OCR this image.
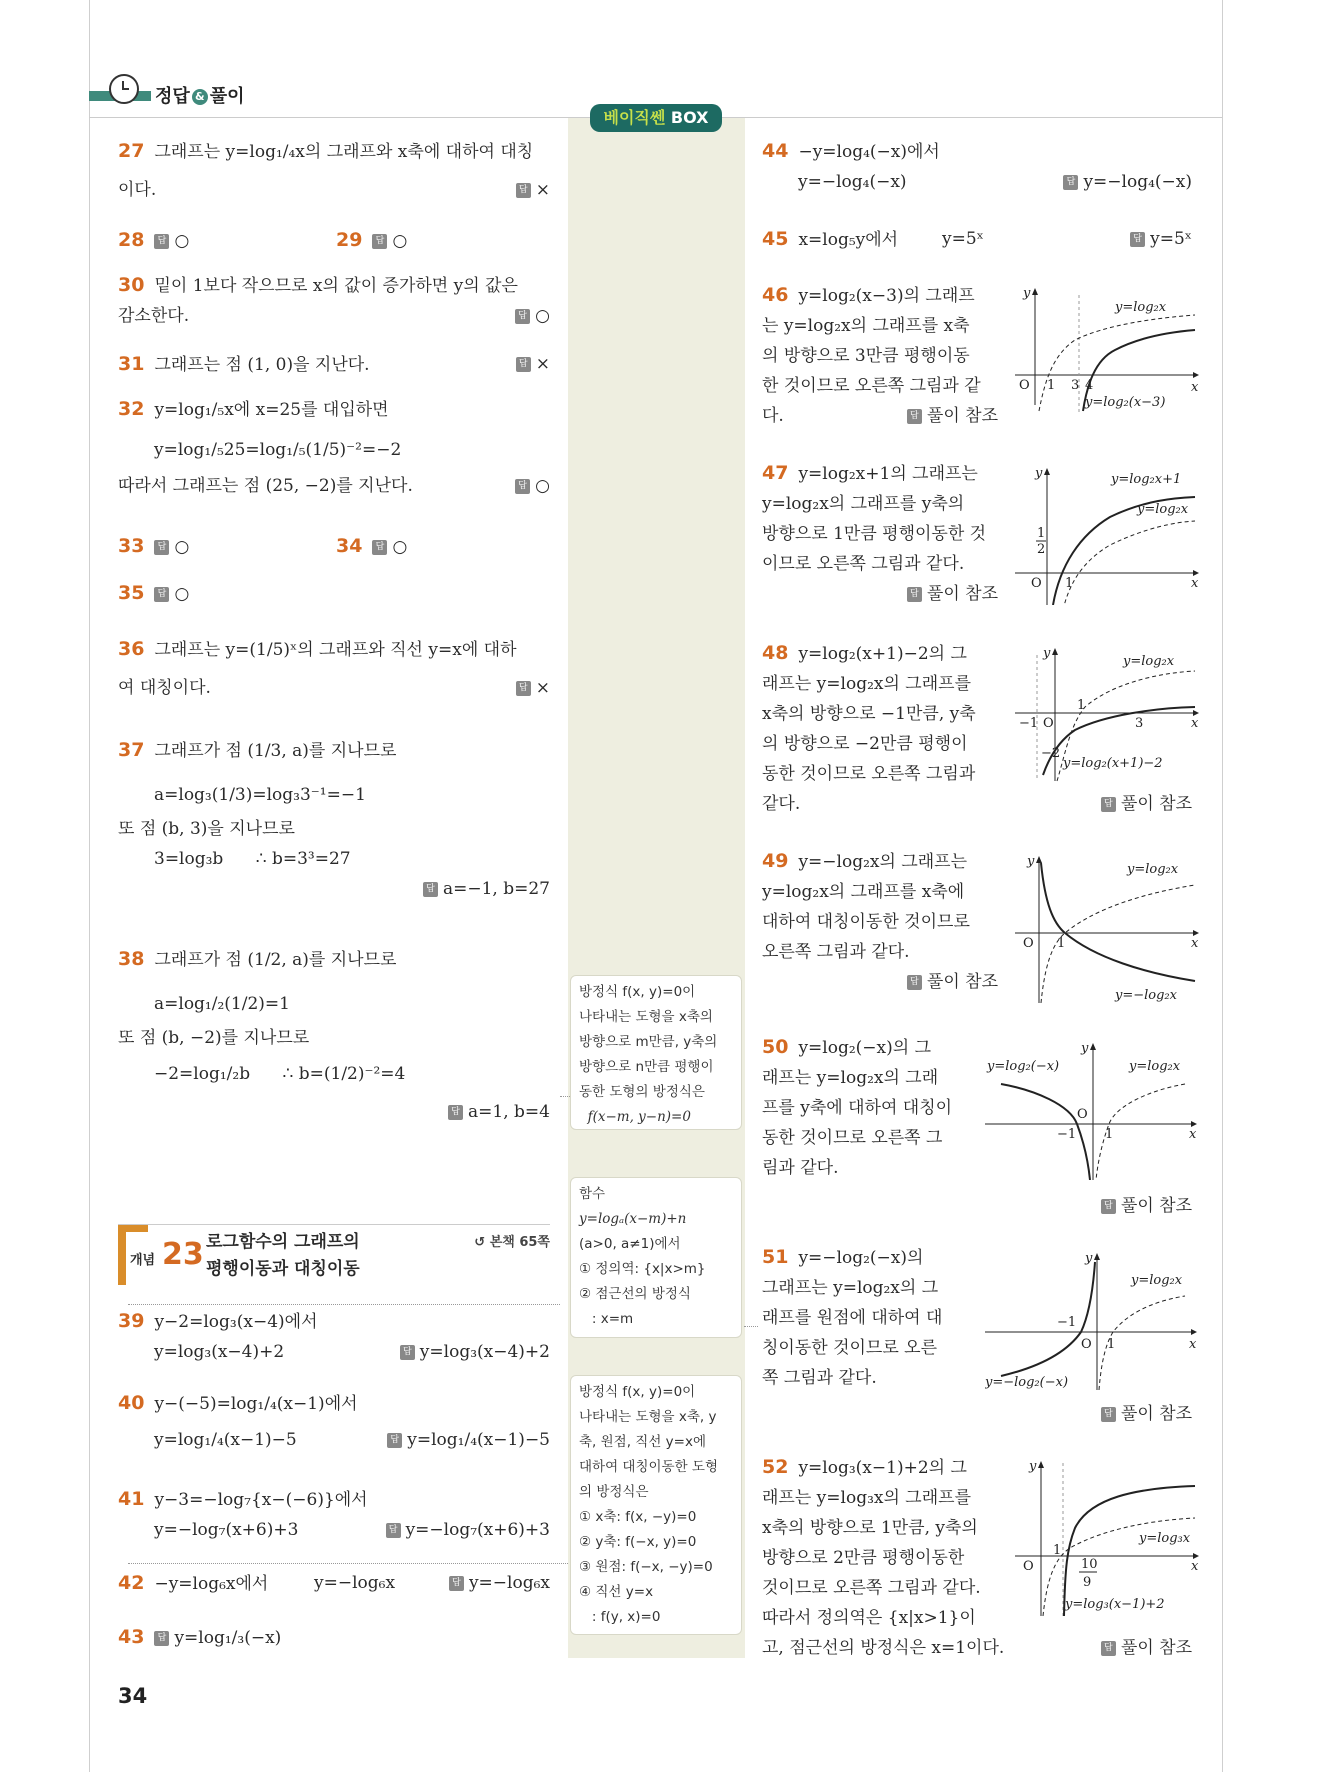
정답 & 풀이
베이직쎈 BOX
27 그래프는 y=log₁/₄x의 그래프와 x축에 대하여 대칭
이다.	답 ×
28 답 ○	29 답 ○
30 밑이 1보다 작으므로 x의 값이 증가하면 y의 값은
감소한다.	답 ○
31 그래프는 점 (1, 0)을 지난다.	답 ×
32 y=log₁/₅x에 x=25를 대입하면
y=log₁/₅25=log₁/₅(1/5)⁻²=−2
따라서 그래프는 점 (25, −2)를 지난다.	답 ○
33 답 ○	34 답 ○
35 답 ○
36 그래프는 y=(1/5)ˣ의 그래프와 직선 y=x에 대하
여 대칭이다.	답 ×
37 그래프가 점 (1/3, a)를 지나므로
a=log₃(1/3)=log₃3⁻¹=−1
또 점 (b, 3)을 지나므로
3=log₃b      ∴ b=3³=27
답 a=−1, b=27
38 그래프가 점 (1/2, a)를 지나므로
a=log₁/₂(1/2)=1
또 점 (b, −2)를 지나므로
−2=log₁/₂b      ∴ b=(1/2)⁻²=4
답 a=1, b=4
개념 23 로그함수의 그래프의
평행이동과 대칭이동
↺ 본책 65쪽
39 y−2=log₃(x−4)에서
y=log₃(x−4)+2	답 y=log₃(x−4)+2
40 y−(−5)=log₁/₄(x−1)에서
y=log₁/₄(x−1)−5	답 y=log₁/₄(x−1)−5
41 y−3=−log₇{x−(−6)}에서
y=−log₇(x+6)+3	답 y=−log₇(x+6)+3
42 −y=log₆x에서	y=−log₆x	답 y=−log₆x
43 답 y=log₁/₃(−x)
방정식 f(x, y)=0이
나타내는 도형을 x축의
방향으로 m만큼, y축의
방향으로 n만큼 평행이
동한 도형의 방정식은
f(x−m, y−n)=0
함수
y=logₐ(x−m)+n
(a>0, a≠1)에서
① 정의역: {x|x>m}
② 점근선의 방정식
: x=m
방정식 f(x, y)=0이
나타내는 도형을 x축, y
축, 원점, 직선 y=x에
대하여 대칭이동한 도형
의 방정식은
① x축: f(x, −y)=0
② y축: f(−x, y)=0
③ 원점: f(−x, −y)=0
④ 직선 y=x
: f(y, x)=0
44 −y=log₄(−x)에서
y=−log₄(−x)	답 y=−log₄(−x)
45 x=log₅y에서	y=5ˣ	답 y=5ˣ
46 y=log₂(x−3)의 그래프
는 y=log₂x의 그래프를 x축
의 방향으로 3만큼 평행이동
한 것이므로 오른쪽 그림과 같
다.	답 풀이 참조
47 y=log₂x+1의 그래프는
y=log₂x의 그래프를 y축의
방향으로 1만큼 평행이동한 것
이므로 오른쪽 그림과 같다.
답 풀이 참조
48 y=log₂(x+1)−2의 그
래프는 y=log₂x의 그래프를
x축의 방향으로 −1만큼, y축
의 방향으로 −2만큼 평행이
동한 것이므로 오른쪽 그림과
같다.	답 풀이 참조
49 y=−log₂x의 그래프는
y=log₂x의 그래프를 x축에
대하여 대칭이동한 것이므로
오른쪽 그림과 같다.
답 풀이 참조
50 y=log₂(−x)의 그
래프는 y=log₂x의 그래
프를 y축에 대하여 대칭이
동한 것이므로 오른쪽 그
림과 같다.
답 풀이 참조
51 y=−log₂(−x)의
그래프는 y=log₂x의 그
래프를 원점에 대하여 대
칭이동한 것이므로 오른
쪽 그림과 같다.
답 풀이 참조
52 y=log₃(x−1)+2의 그
래프는 y=log₃x의 그래프를
x축의 방향으로 1만큼, y축의
방향으로 2만큼 평행이동한
것이므로 오른쪽 그림과 같다.
따라서 정의역은 {x|x>1}이
고, 점근선의 방정식은 x=1이다.	답 풀이 참조
O 1 3 4	x
y
y=log₂x
y=log₂(x−3)
O 1
1
2
x
y	y=log₂x+1
y=log₂x
−1 O
1
3
−2
x
y
y=log₂x
y=log₂(x+1)−2
O 1	x
y
y=log₂x
y=−log₂x
O
−1 1	x
y
y=log₂(−x)	y=log₂x
−1
O 1	x
y
y=log₂x
y=−log₂(−x)
O
1
10
9
x
y
y=log₃x
y=log₃(x−1)+2
34
